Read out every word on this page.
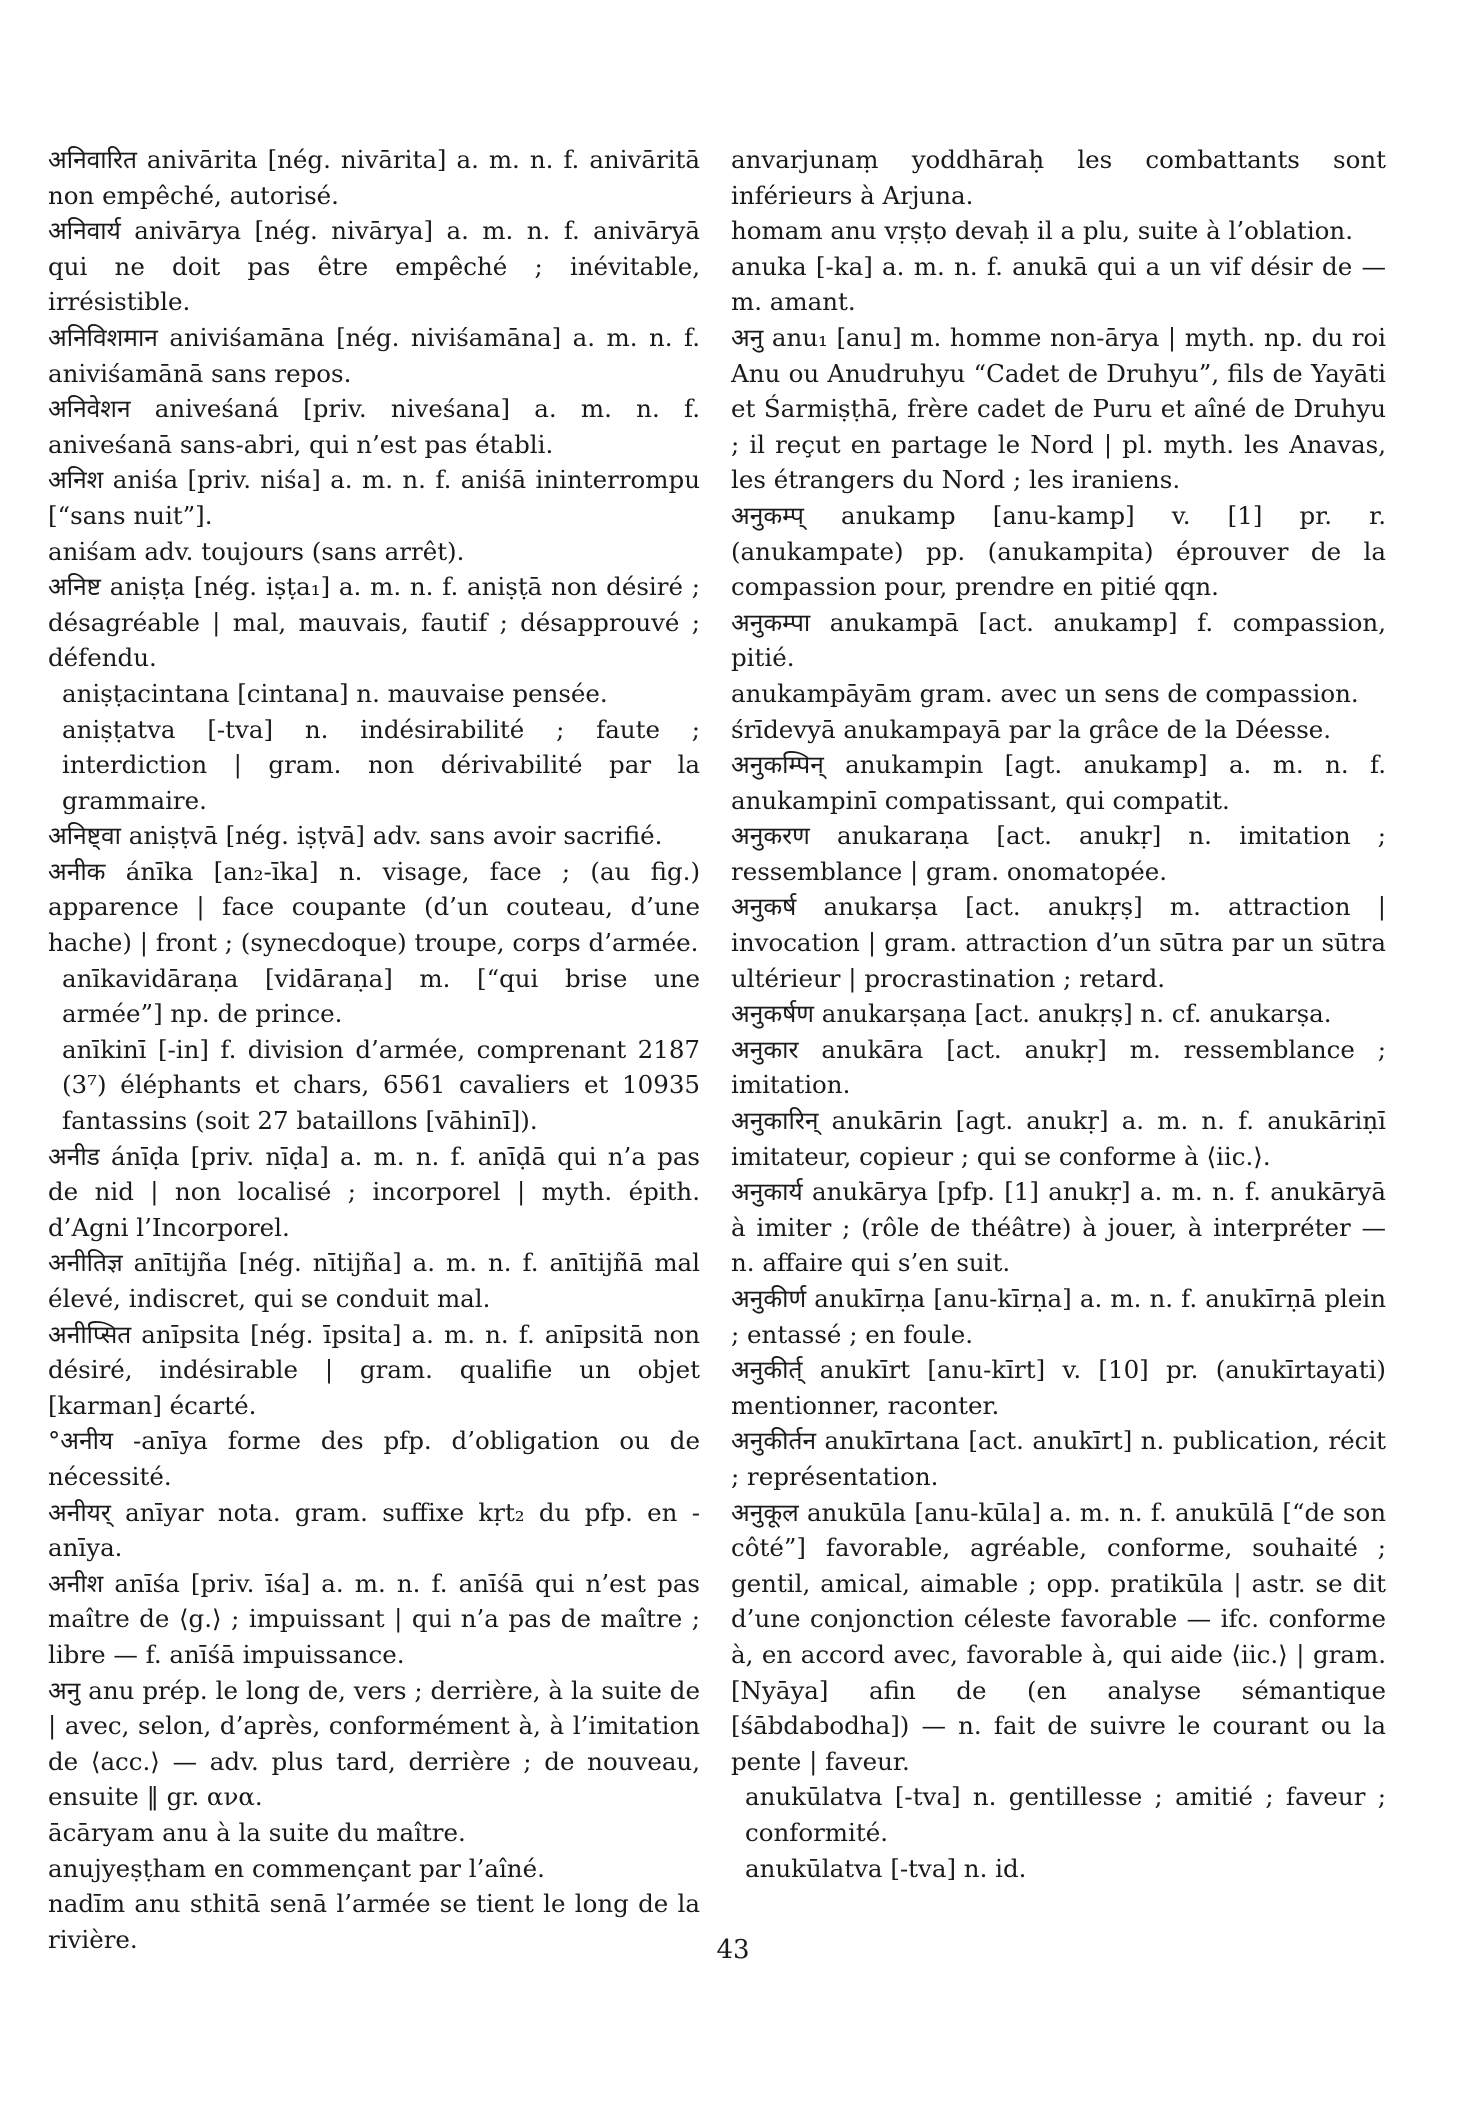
अनिवारित anivārita [nég. nivārita] a. m. n. f. anivāritā non empêché, autorisé.

अनिवार्य anivārya [nég. nivārya] a. m. n. f. anivāryā qui ne doit pas être empêché ; inévitable, irrésistible.

अनिविशमान aniviśamāna [nég. niviśamāna] a. m. n. f. aniviśamānā sans repos.

अनिवेशन aniveśaná [priv. niveśana] a. m. n. f. aniveśanā sans-abri, qui n’est pas établi.

अनिश aniśa [priv. niśa] a. m. n. f. aniśā ininterrompu [“sans nuit”].

aniśam adv. toujours (sans arrêt).

अनिष्ट aniṣṭa [nég. iṣṭa₁] a. m. n. f. aniṣṭā non désiré ; désagréable | mal, mauvais, fautif ; désapprouvé ; défendu.

aniṣṭacintana [cintana] n. mauvaise pensée.

aniṣṭatva [-tva] n. indésirabilité ; faute ; interdiction | gram. non dérivabilité par la grammaire.

अनिष्ट्वा aniṣṭvā [nég. iṣṭvā] adv. sans avoir sacrifié.

अनीक ánīka [an₂-īka] n. visage, face ; (au fig.) apparence | face coupante (d’un couteau, d’une hache) | front ; (synecdoque) troupe, corps d’armée.

anīkavidāraṇa [vidāraṇa] m. [“qui brise une armée”] np. de prince.

anīkinī [-in] f. division d’armée, comprenant 2187 (3⁷) éléphants et chars, 6561 cavaliers et 10935 fantassins (soit 27 bataillons [vāhinī]).

अनीड ánīḍa [priv. nīḍa] a. m. n. f. anīḍā qui n’a pas de nid | non localisé ; incorporel | myth. épith. d’Agni l’Incorporel.

अनीतिज्ञ anītijña [nég. nītijña] a. m. n. f. anītijñā mal élevé, indiscret, qui se conduit mal.

अनीप्सित anīpsita [nég. īpsita] a. m. n. f. anīpsitā non désiré, indésirable | gram. qualifie un objet [karman] écarté.

°अनीय -anīya forme des pfp. d’obligation ou de nécessité.

अनीयर् anīyar nota. gram. suffixe kṛt₂ du pfp. en -anīya.

अनीश anīśa [priv. īśa] a. m. n. f. anīśā qui n’est pas maître de ⟨g.⟩ ; impuissant | qui n’a pas de maître ; libre — f. anīśā impuissance.

अनु anu prép. le long de, vers ; derrière, à la suite de | avec, selon, d’après, conformément à, à l’imitation de ⟨acc.⟩ — adv. plus tard, derrière ; de nouveau, ensuite ‖ gr. ανα.

ācāryam anu à la suite du maître.

anujyeṣṭham en commençant par l’aîné.

nadīm anu sthitā senā l’armée se tient le long de la rivière.

anvarjunaṃ yoddhāraḥ les combattants sont inférieurs à Arjuna.

homam anu vṛṣṭo devaḥ il a plu, suite à l’oblation.

anuka [-ka] a. m. n. f. anukā qui a un vif désir de — m. amant.

अनु anu₁ [anu] m. homme non-ārya | myth. np. du roi Anu ou Anudruhyu “Cadet de Druhyu”, fils de Yayāti et Śarmiṣṭhā, frère cadet de Puru et aîné de Druhyu ; il reçut en partage le Nord | pl. myth. les Anavas, les étrangers du Nord ; les iraniens.

अनुकम्प् anukamp [anu-kamp] v. [1] pr. r. (anukampate) pp. (anukampita) éprouver de la compassion pour, prendre en pitié qqn.

अनुकम्पा anukampā [act. anukamp] f. compassion, pitié.

anukampāyām gram. avec un sens de compassion.

śrīdevyā anukampayā par la grâce de la Déesse.

अनुकम्पिन् anukampin [agt. anukamp] a. m. n. f. anukampinī compatissant, qui compatit.

अनुकरण anukaraṇa [act. anukṛ] n. imitation ; ressemblance | gram. onomatopée.

अनुकर्ष anukarṣa [act. anukṛṣ] m. attraction | invocation | gram. attraction d’un sūtra par un sūtra ultérieur | procrastination ; retard.

अनुकर्षण anukarṣaṇa [act. anukṛṣ] n. cf. anukarṣa.

अनुकार anukāra [act. anukṛ] m. ressemblance ; imitation.

अनुकारिन् anukārin [agt. anukṛ] a. m. n. f. anukāriṇī imitateur, copieur ; qui se conforme à ⟨iic.⟩.

अनुकार्य anukārya [pfp. [1] anukṛ] a. m. n. f. anukāryā à imiter ; (rôle de théâtre) à jouer, à interpréter — n. affaire qui s’en suit.

अनुकीर्ण anukīrṇa [anu-kīrṇa] a. m. n. f. anukīrṇā plein ; entassé ; en foule.

अनुकीर्त् anukīrt [anu-kīrt] v. [10] pr. (anukīrtayati) mentionner, raconter.

अनुकीर्तन anukīrtana [act. anukīrt] n. publication, récit ; représentation.

अनुकूल anukūla [anu-kūla] a. m. n. f. anukūlā [“de son côté”] favorable, agréable, conforme, souhaité ; gentil, amical, aimable ; opp. pratikūla | astr. se dit d’une conjonction céleste favorable — ifc. conforme à, en accord avec, favorable à, qui aide ⟨iic.⟩ | gram. [Nyāya] afin de (en analyse sémantique [śābdabodha]) — n. fait de suivre le courant ou la pente | faveur.

anukūlatva [-tva] n. gentillesse ; amitié ; faveur ; conformité.

anukūlatva [-tva] n. id.

43
